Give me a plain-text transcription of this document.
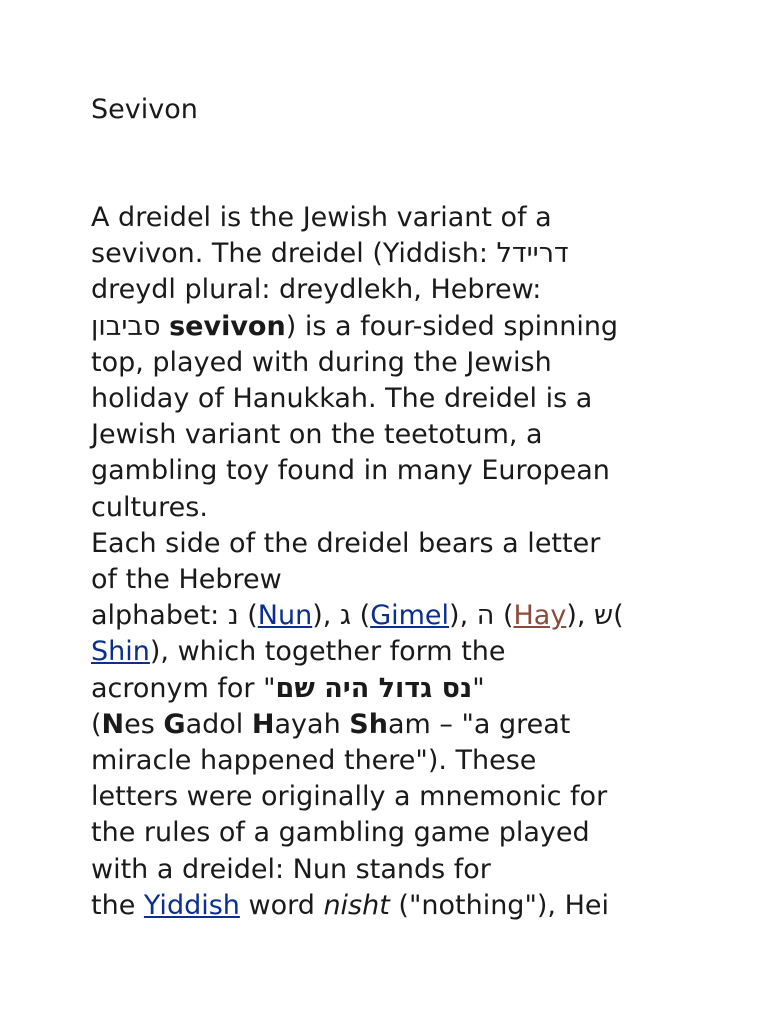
Sevivon
A dreidel is the Jewish variant of a
sevivon. The dreidel (Yiddish: דריידל
dreydl plural: dreydlekh, Hebrew:
סביבון sevivon) is a four-sided spinning
top, played with during the Jewish
holiday of Hanukkah. The dreidel is a
Jewish variant on the teetotum, a
gambling toy found in many European
cultures.
Each side of the dreidel bears a letter
of the Hebrew
alphabet: נ (Nun), ג (Gimel), ה (Hay), ש(
Shin), which together form the
acronym for "נס גדול היה שם"
(Nes Gadol Hayah Sham – "a great
miracle happened there"). These
letters were originally a mnemonic for
the rules of a gambling game played
with a dreidel: Nun stands for
the Yiddish word nisht ("nothing"), Hei
